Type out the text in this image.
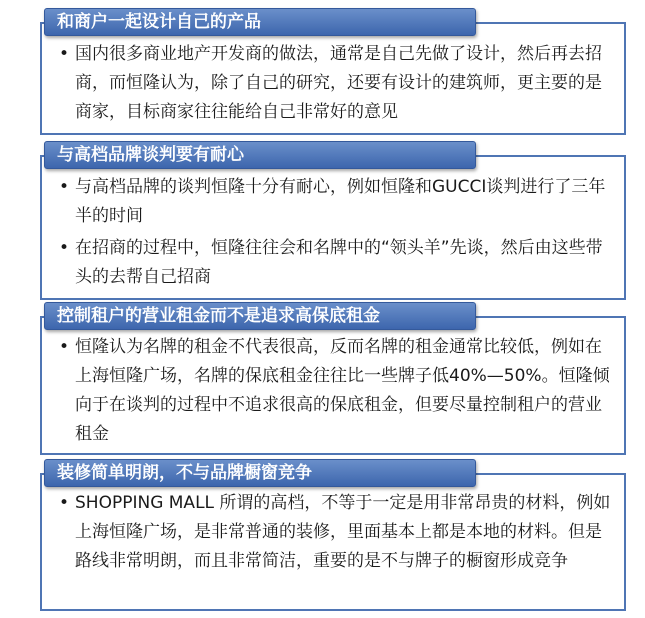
和商户一起设计自己的产品
• 国内很多商业地产开发商的做法，通常是自己先做了设计，然后再去招商，而恒隆认为，除了自己的研究，还要有设计的建筑师，更主要的是商家，目标商家往往能给自己非常好的意见
与高档品牌谈判要有耐心
• 与高档品牌的谈判恒隆十分有耐心，例如恒隆和GUCCI谈判进行了三年半的时间
• 在招商的过程中，恒隆往往会和名牌中的“领头羊”先谈，然后由这些带头的去帮自己招商
控制租户的营业租金而不是追求高保底租金
• 恒隆认为名牌的租金不代表很高，反而名牌的租金通常比较低，例如在上海恒隆广场，名牌的保底租金往往比一些牌子低40%—50%。恒隆倾向于在谈判的过程中不追求很高的保底租金，但要尽量控制租户的营业租金
装修简单明朗，不与品牌橱窗竞争
• SHOPPING MALL 所谓的高档，不等于一定是用非常昂贵的材料，例如上海恒隆广场，是非常普通的装修，里面基本上都是本地的材料。但是路线非常明朗，而且非常简洁，重要的是不与牌子的橱窗形成竞争
